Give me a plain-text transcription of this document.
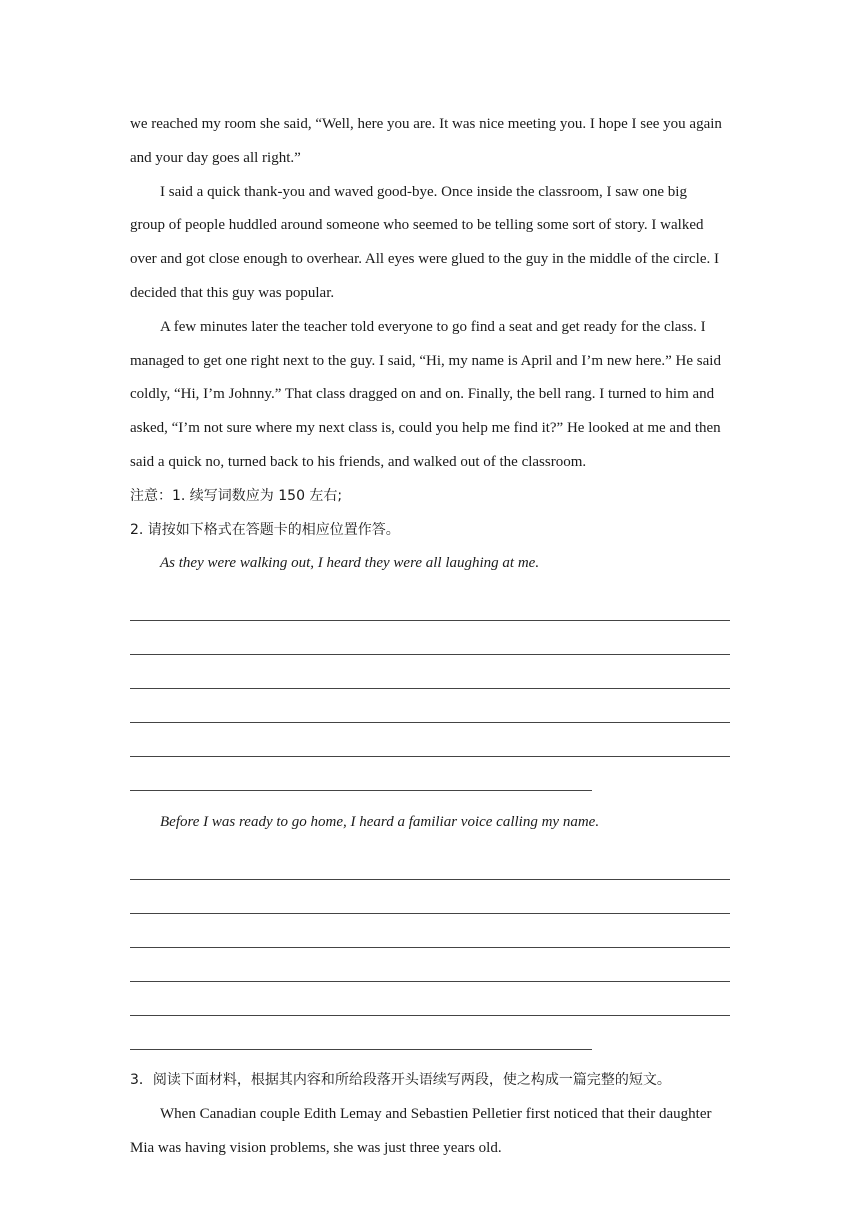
we reached my room she said, “Well, here you are. It was nice meeting you. I hope I see you again

and your day goes all right.”

I said a quick thank-you and waved good-bye. Once inside the classroom, I saw one big

group of people huddled around someone who seemed to be telling some sort of story. I walked

over and got close enough to overhear. All eyes were glued to the guy in the middle of the circle. I

decided that this guy was popular.

A few minutes later the teacher told everyone to go find a seat and get ready for the class. I

managed to get one right next to the guy. I said, “Hi, my name is April and I’m new here.” He said

coldly, “Hi, I’m Johnny.” That class dragged on and on. Finally, the bell rang. I turned to him and

asked, “I’m not sure where my next class is, could you help me find it?” He looked at me and then

said a quick no, turned back to his friends, and walked out of the classroom.

注意：1. 续写词数应为 150 左右;

2. 请按如下格式在答题卡的相应位置作答。

As they were walking out, I heard they were all laughing at me.

Before I was ready to go home, I heard a familiar voice calling my name.

3．阅读下面材料，根据其内容和所给段落开头语续写两段，使之构成一篇完整的短文。

When Canadian couple Edith Lemay and Sebastien Pelletier first noticed that their daughter

Mia was having vision problems, she was just three years old.
